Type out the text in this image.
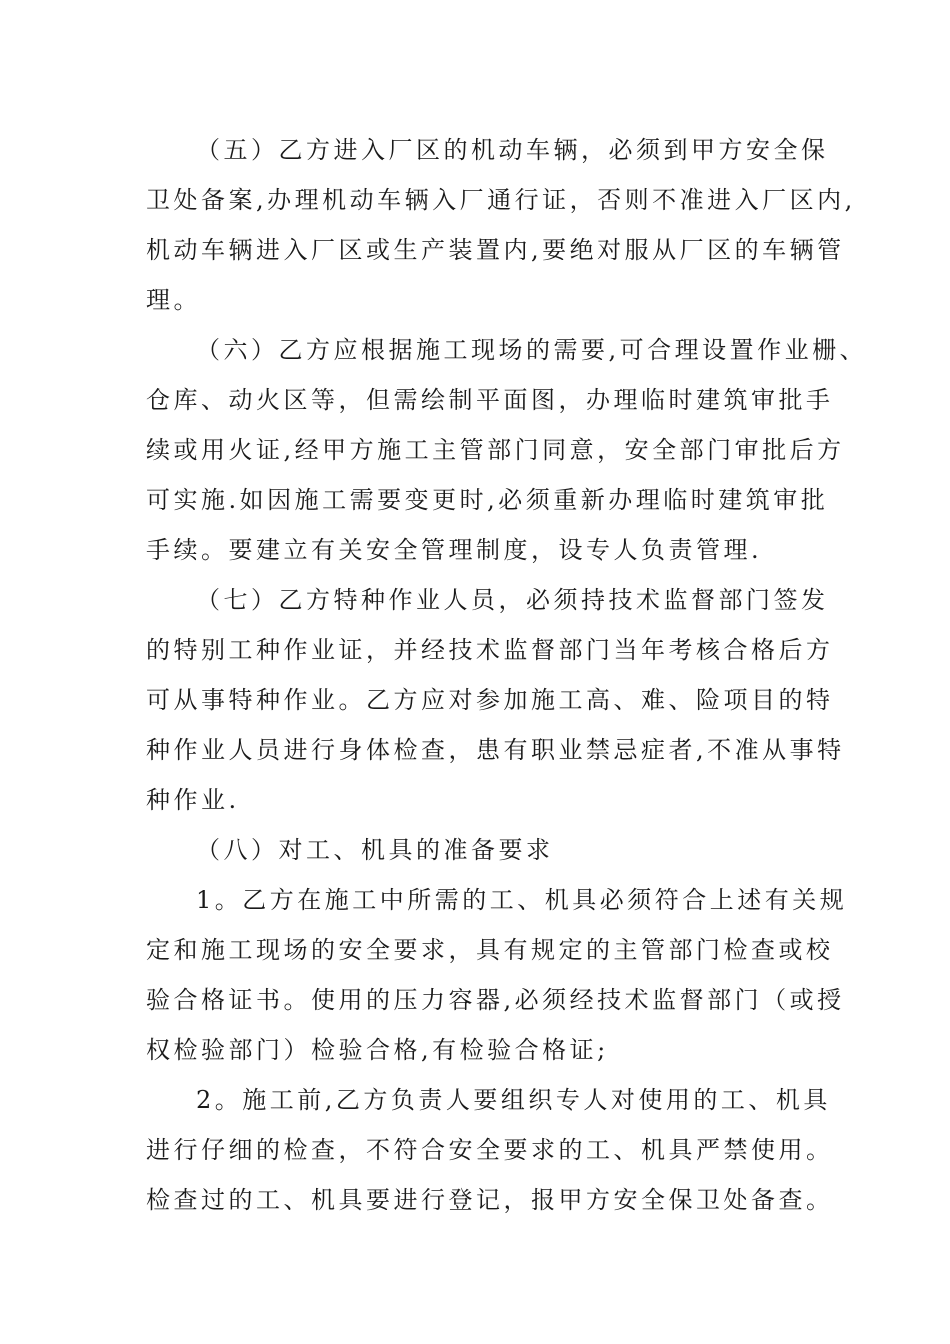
（五）乙方进入厂区的机动车辆，必须到甲方安全保
卫处备案,办理机动车辆入厂通行证，否则不准进入厂区内,
机动车辆进入厂区或生产装置内,要绝对服从厂区的车辆管
理。
（六）乙方应根据施工现场的需要,可合理设置作业栅、
仓库、动火区等，但需绘制平面图，办理临时建筑审批手
续或用火证,经甲方施工主管部门同意，安全部门审批后方
可实施.如因施工需要变更时,必须重新办理临时建筑审批
手续。要建立有关安全管理制度，设专人负责管理.
（七）乙方特种作业人员，必须持技术监督部门签发
的特别工种作业证，并经技术监督部门当年考核合格后方
可从事特种作业。乙方应对参加施工高、难、险项目的特
种作业人员进行身体检查，患有职业禁忌症者,不准从事特
种作业.
（八）对工、机具的准备要求
1。乙方在施工中所需的工、机具必须符合上述有关规
定和施工现场的安全要求，具有规定的主管部门检查或校
验合格证书。使用的压力容器,必须经技术监督部门（或授
权检验部门）检验合格,有检验合格证;
2。施工前,乙方负责人要组织专人对使用的工、机具
进行仔细的检查，不符合安全要求的工、机具严禁使用。
检查过的工、机具要进行登记，报甲方安全保卫处备查。
